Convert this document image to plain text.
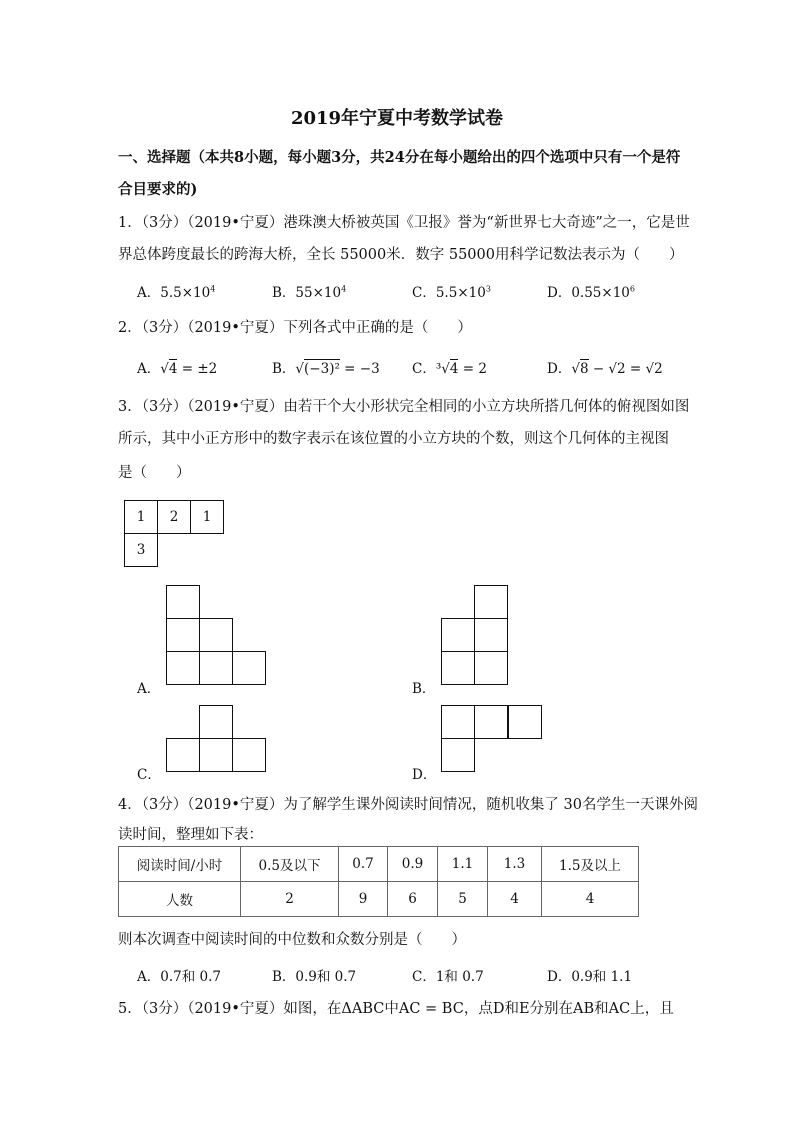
2019年宁夏中考数学试卷
一、选择题（本共8小题，每小题3分，共24分在每小题给出的四个选项中只有一个是符
合目要求的)
1．（3分）（2019•宁夏）港珠澳大桥被英国《卫报》誉为“新世界七大奇迹”之一，它是世
界总体跨度最长的跨海大桥，全长 55000米．数字 55000用科学记数法表示为（　　）
A．$5.5\times 10^4$	B．$55\times 10^4$	C．$5.5\times 10^3$	D．$0.55\times 10^6$
2．（3分）（2019•宁夏）下列各式中正确的是（　　）
A．√4 = ±2	B．√(−3)² = −3 C．³√4 = 2	D．√8 − √2 = √2
3．（3分）（2019•宁夏）由若干个大小形状完全相同的小立方块所搭几何体的俯视图如图
所示，其中小正方形中的数字表示在该位置的小立方块的个数，则这个几何体的主视图
是（　　）
1	2	1
3
A．	B．
C．	D．
4．（3分）（2019•宁夏）为了解学生课外阅读时间情况，随机收集了 30名学生一天课外阅
读时间，整理如下表：
阅读时间/小时	0.5及以下	0.7	0.9	1.1	1.3	1.5及以上
人数	2	9	6	5	4	4
则本次调查中阅读时间的中位数和众数分别是（　　）
A．0.7和 0.7	B．0.9和 0.7	C．1和 0.7	D．0.9和 1.1
5．（3分）（2019•宁夏）如图，在ΔABC中AC = BC，点D和E分别在AB和AC上，且
